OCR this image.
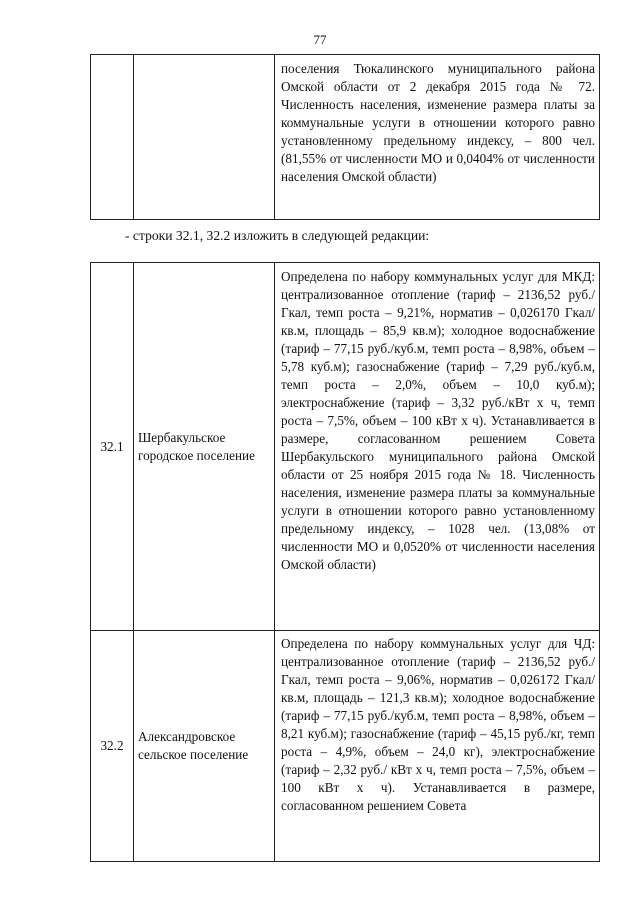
77
		поселения Тюкалинского муниципального района Омской области от 2 декабря 2015 года № 72. Численность населения, изменение размера платы за коммунальные услуги в отношении которого равно установленному предельному индексу, – 800 чел. (81,55% от численности МО и 0,0404% от численности населения Омской области)
- строки 32.1, 32.2 изложить в следующей редакции:
32.1	Шербакульское городское поселение	Определена по набору коммунальных услуг для МКД: централизованное отопление (тариф – 2136,52 руб./Гкал, темп роста – 9,21%, норматив – 0,026170 Гкал/кв.м, площадь – 85,9 кв.м); холодное водоснабжение (тариф – 77,15 руб./куб.м, темп роста – 8,98%, объем – 5,78 куб.м); газоснабжение (тариф – 7,29 руб./куб.м, темп роста – 2,0%, объем – 10,0 куб.м); электроснабжение (тариф – 3,32 руб./кВт х ч, темп роста – 7,5%, объем – 100 кВт х ч). Устанавливается в размере, согласованном решением Совета Шербакульского муниципального района Омской области от 25 ноября 2015 года № 18. Численность населения, изменение размера платы за коммунальные услуги в отношении которого равно установленному предельному индексу, – 1028 чел. (13,08% от численности МО и 0,0520% от численности населения Омской области)
32.2	Александровское сельское поселение	Определена по набору коммунальных услуг для ЧД: централизованное отопление (тариф – 2136,52 руб./Гкал, темп роста – 9,06%, норматив – 0,026172 Гкал/кв.м, площадь – 121,3 кв.м); холодное водоснабжение (тариф – 77,15 руб./куб.м, темп роста – 8,98%, объем – 8,21 куб.м); газоснабжение (тариф – 45,15 руб./кг, темп роста – 4,9%, объем – 24,0 кг), электроснабжение (тариф – 2,32 руб./ кВт х ч, темп роста – 7,5%, объем – 100 кВт х ч). Устанавливается в размере, согласованном решением Совета
